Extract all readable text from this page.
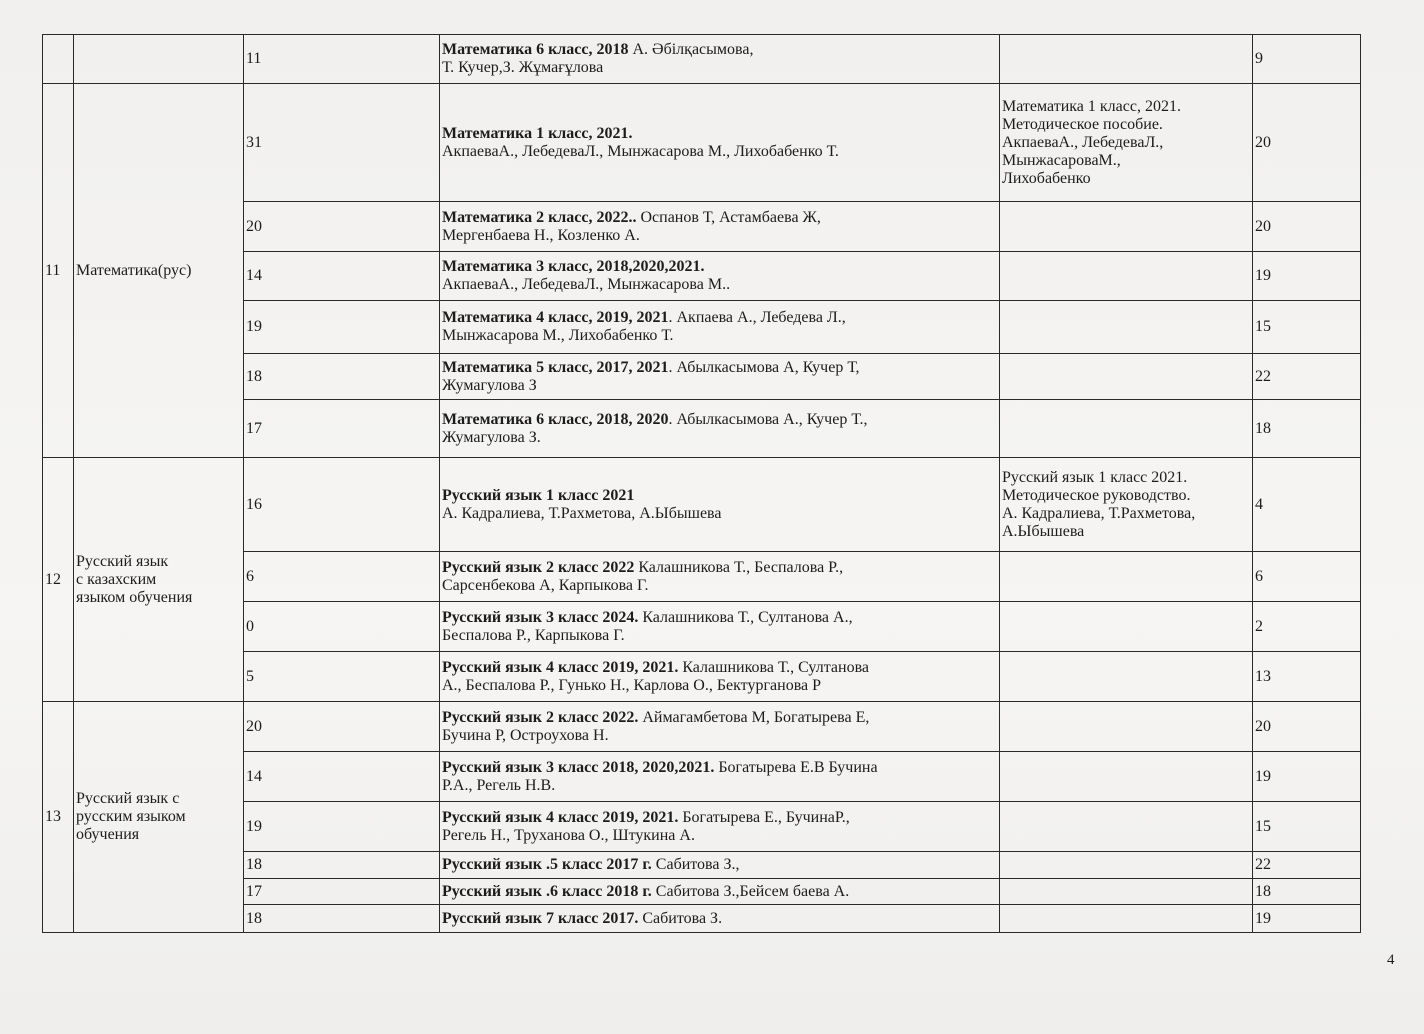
		11	Математика 6 класс, 2018 А. Әбілқасымова,
Т. Кучер,З. Жұмағұлова		9
11	Математика(рус)	31	Математика 1 класс, 2021.
АкпаеваА., ЛебедеваЛ., Мынжасарова М., Лихобабенко Т.	Математика 1 класс, 2021.
Методическое пособие.
АкпаеваА., ЛебедеваЛ.,
МынжасароваМ.,
Лихобабенко	20
		20	Математика 2 класс, 2022.. Оспанов Т, Астамбаева Ж,
Мергенбаева Н., Козленко А.		20
		14	Математика 3 класс, 2018,2020,2021.
АкпаеваА., ЛебедеваЛ., Мынжасарова М..		19
		19	Математика 4 класс, 2019, 2021. Акпаева А., Лебедева Л.,
Мынжасарова М., Лихобабенко Т.		15
		18	Математика 5 класс, 2017, 2021. Абылкасымова А, Кучер Т,
Жумагулова З		22
		17	Математика 6 класс, 2018, 2020. Абылкасымова А., Кучер Т.,
Жумагулова З.		18
12	Русский язык
с казахским
языком обучения	16	Русский язык 1 класс 2021
А. Кадралиева, Т.Рахметова, А.Ыбышева	Русский язык 1 класс 2021.
Методическое руководство.
А. Кадралиева, Т.Рахметова,
А.Ыбышева	4
		6	Русский язык 2 класс 2022 Калашникова Т., Беспалова Р.,
Сарсенбекова А, Карпыкова Г.		6
		0	Русский язык 3 класс 2024. Калашникова Т., Султанова А.,
Беспалова Р., Карпыкова Г.		2
		5	Русский язык 4 класс 2019, 2021. Калашникова Т., Султанова
А., Беспалова Р., Гунько Н., Карлова О., Бектурганова Р		13
13	Русский язык с
русским языком
обучения	20	Русский язык 2 класс 2022. Аймагамбетова М, Богатырева Е,
Бучина Р, Остроухова Н.		20
		14	Русский язык 3 класс 2018, 2020,2021. Богатырева Е.В Бучина
Р.А., Регель Н.В.		19
		19	Русский язык 4 класс 2019, 2021. Богатырева Е., БучинаР.,
Регель Н., Труханова О., Штукина А.		15
		18	Русский язык .5 класс 2017 г. Сабитова З.,		22
		17	Русский язык .6 класс 2018 г. Сабитова З.,Бейсем баева А.		18
		18	Русский язык 7 класс 2017. Сабитова З.		19
4
